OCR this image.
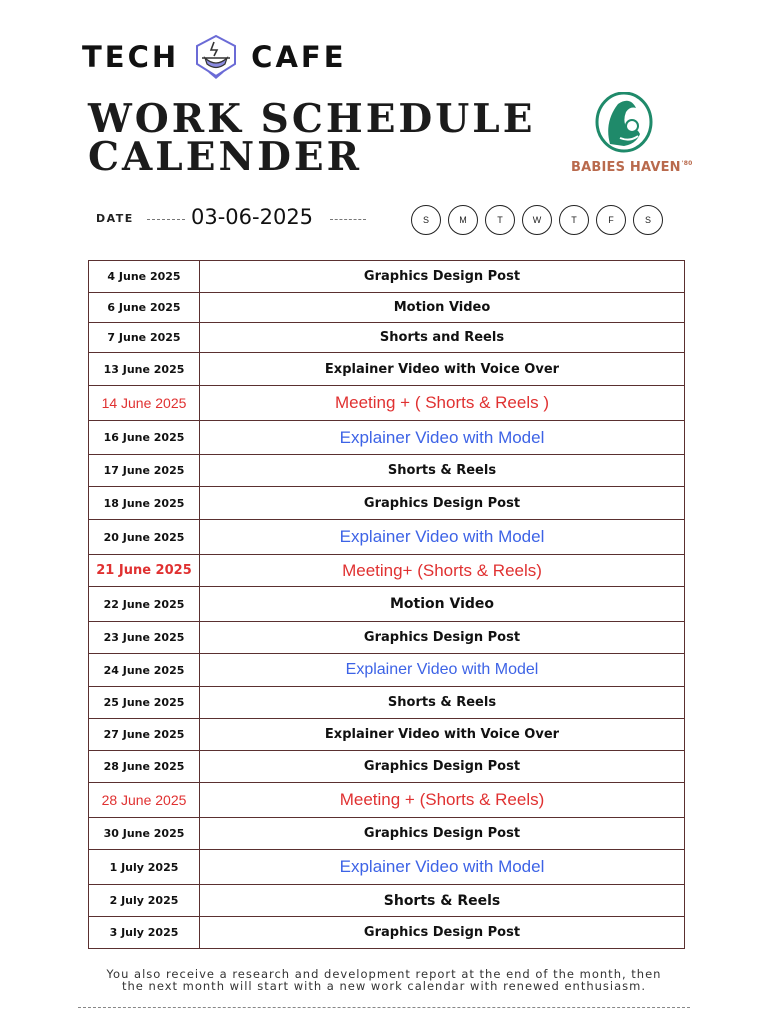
TECH CAFE
WORK SCHEDULE
CALENDER	BABIES $HAVEN^{'80}$
DATE	03-06-2025	S	M	T	W	T	F	S
4 June 2025	Graphics Design Post
6 June 2025	Motion Video
7 June 2025	Shorts and Reels
13 June 2025	Explainer Video with Voice Over
14 June 2025	Meeting + ( Shorts & Reels )
16 June 2025	Explainer Video with Model
17 June 2025	Shorts & Reels
18 June 2025	Graphics Design Post
20 June 2025	Explainer Video with Model
21 June 2025	Meeting+ (Shorts & Reels)
22 June 2025	Motion Video
23 June 2025	Graphics Design Post
24 June 2025	Explainer Video with Model
25 June 2025	Shorts & Reels
27 June 2025	Explainer Video with Voice Over
28 June 2025	Graphics Design Post
28 June 2025	Meeting + (Shorts & Reels)
30 June 2025	Graphics Design Post
1 July 2025	Explainer Video with Model
2 July 2025	Shorts & Reels
3 July 2025	Graphics Design Post
You also receive a research and development report at the end of the month, then
the next month will start with a new work calendar with renewed enthusiasm.
